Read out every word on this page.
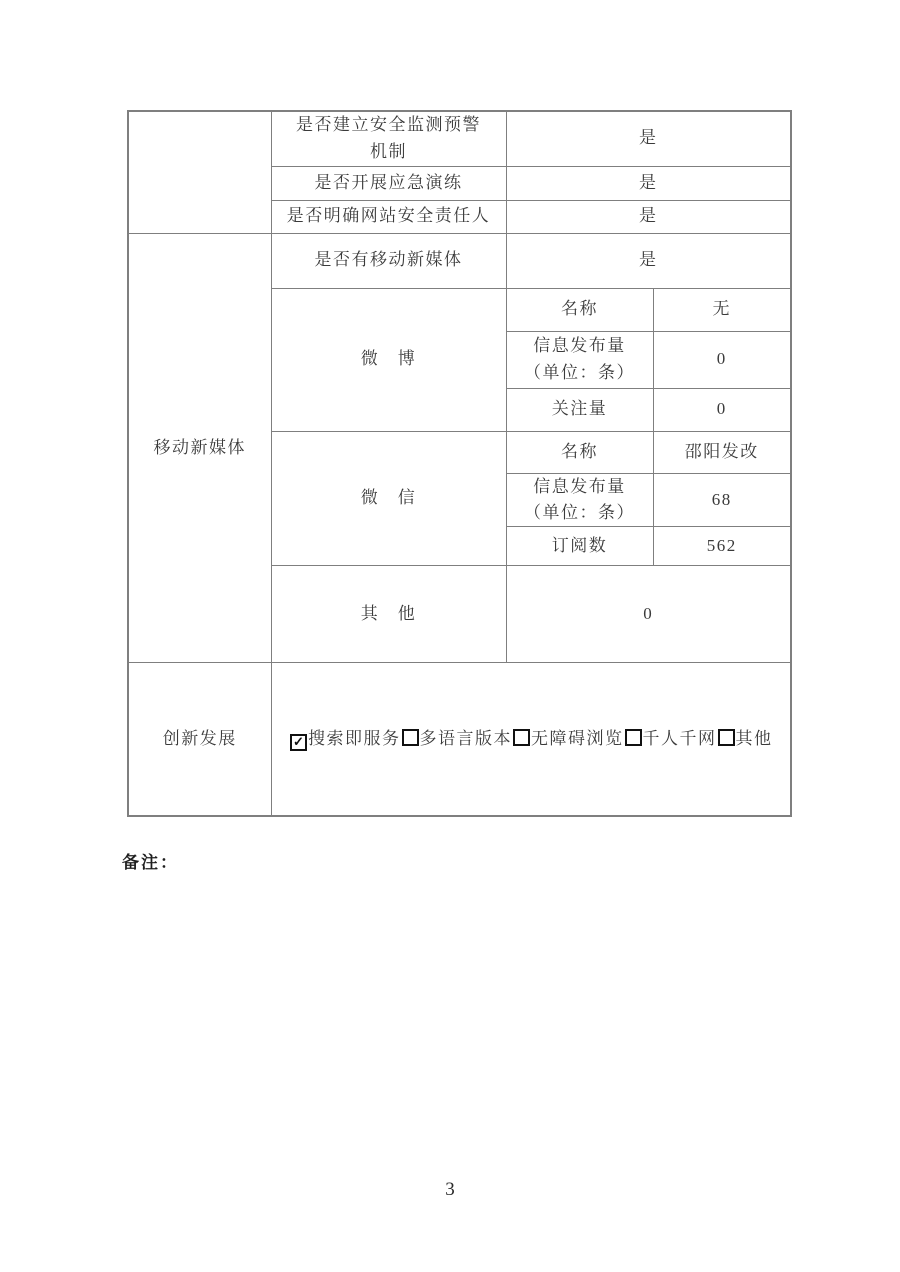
	是否建立安全监测预警
机制	是	
	是否开展应急演练	是	
	是否明确网站安全责任人	是	
移动新媒体	是否有移动新媒体	是	
	微　博	名称	无

		信息发布量
（单位：条）	0
		关注量	0
	微　信	名称	邵阳发改

		信息发布量
（单位：条）	68
		订阅数	562
	其　他	0	
创新发展	✓ 搜索即服务 多语言版本 无障碍浏览 千人千网 其他		
备注：
3
